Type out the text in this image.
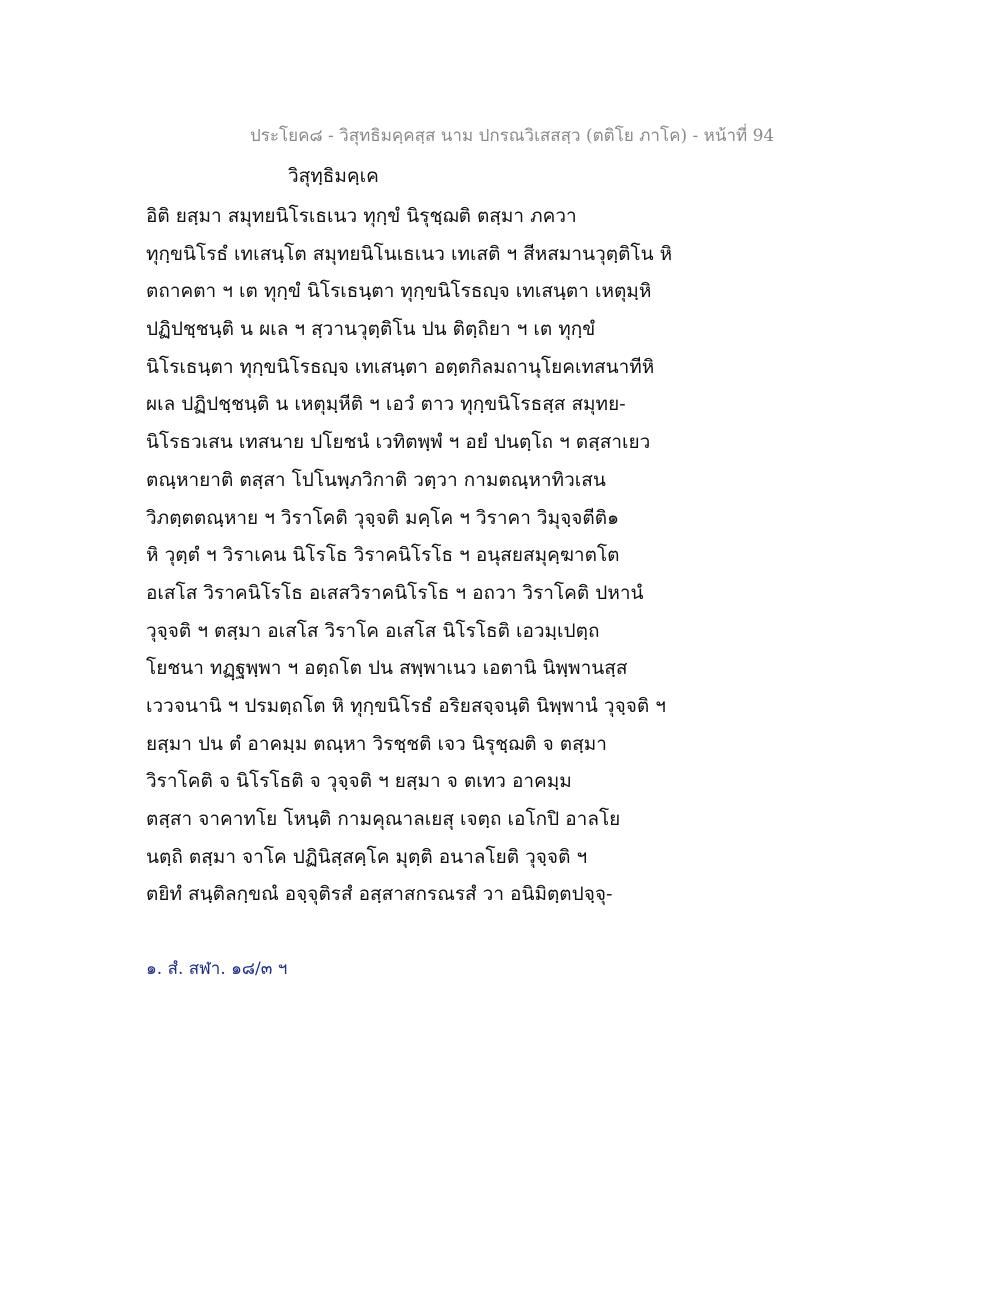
ประโยค๘ - วิสุทธิมคฺคสฺส นาม ปกรณวิเสสสฺว (ตติโย ภาโค) - หน้าที่ 94
วิสุทฺธิมคฺเค
อิติ ยสฺมา สมุทยนิโรเธเนว ทุกฺขํ นิรุชฺฌติ ตสฺมา ภควา
ทุกฺขนิโรธํ เทเสนฺโต สมุทยนิโนเธเนว เทเสติ ฯ สีหสมานวุตฺติโน หิ
ตถาคตา ฯ เต ทุกฺขํ นิโรเธนฺตา ทุกฺขนิโรธญฺจ เทเสนฺตา เหตุมฺหิ
ปฏิปชฺชนฺติ น ผเล ฯ สฺวานวุตฺติโน ปน ติตฺถิยา ฯ เต ทุกฺขํ
นิโรเธนฺตา ทุกฺขนิโรธญฺจ เทเสนฺตา อตฺตกิลมถานุโยคเทสนาทีหิ
ผเล ปฏิปชฺชนฺติ น เหตุมฺหีติ ฯ เอวํ ตาว ทุกฺขนิโรธสฺส สมุทย-
นิโรธวเสน เทสนาย ปโยชนํ เวทิตพฺพํ ฯ อยํ ปนตฺโถ ฯ ตสฺสาเยว
ตณฺหายาติ ตสฺสา โปโนพฺภวิกาติ วตฺวา กามตณฺหาทิวเสน
วิภตฺตตณฺหาย ฯ วิราโคติ วุจฺจติ มคฺโค ฯ วิราคา วิมุจฺจตีติ๑
หิ วุตฺตํ ฯ วิราเคน นิโรโธ วิราคนิโรโธ ฯ อนุสยสมุคฺฆาตโต
อเสโส วิราคนิโรโธ อเสสวิราคนิโรโธ ฯ อถวา วิราโคติ ปหานํ
วุจฺจติ ฯ ตสฺมา อเสโส วิราโค อเสโส นิโรโธติ เอวมฺเปตฺถ
โยชนา ทฏฺฐพฺพา ฯ อตฺถโต ปน สพฺพาเนว เอตานิ นิพฺพานสฺส
เววจนานิ ฯ ปรมตฺถโต หิ ทุกฺขนิโรธํ อริยสจฺจนฺติ นิพฺพานํ วุจฺจติ ฯ
ยสฺมา ปน ตํ อาคมฺม ตณฺหา วิรชฺชติ เจว นิรุชฺฌติ จ ตสฺมา
วิราโคติ จ นิโรโธติ จ วุจฺจติ ฯ ยสฺมา จ ตเทว อาคมฺม
ตสฺสา จาคาทโย โหนฺติ กามคุณาลเยสุ เจตฺถ เอโกปิ อาลโย
นตฺถิ ตสฺมา จาโค ปฏินิสฺสคฺโค มุตฺติ อนาลโยติ วุจฺจติ ฯ
ตยิทํ สนฺติลกฺขณํ อจฺจุติรสํ อสฺสาสกรณรสํ วา อนิมิตฺตปจฺจุ-
๑. สํ. สฬา. ๑๘/๓ ฯ
